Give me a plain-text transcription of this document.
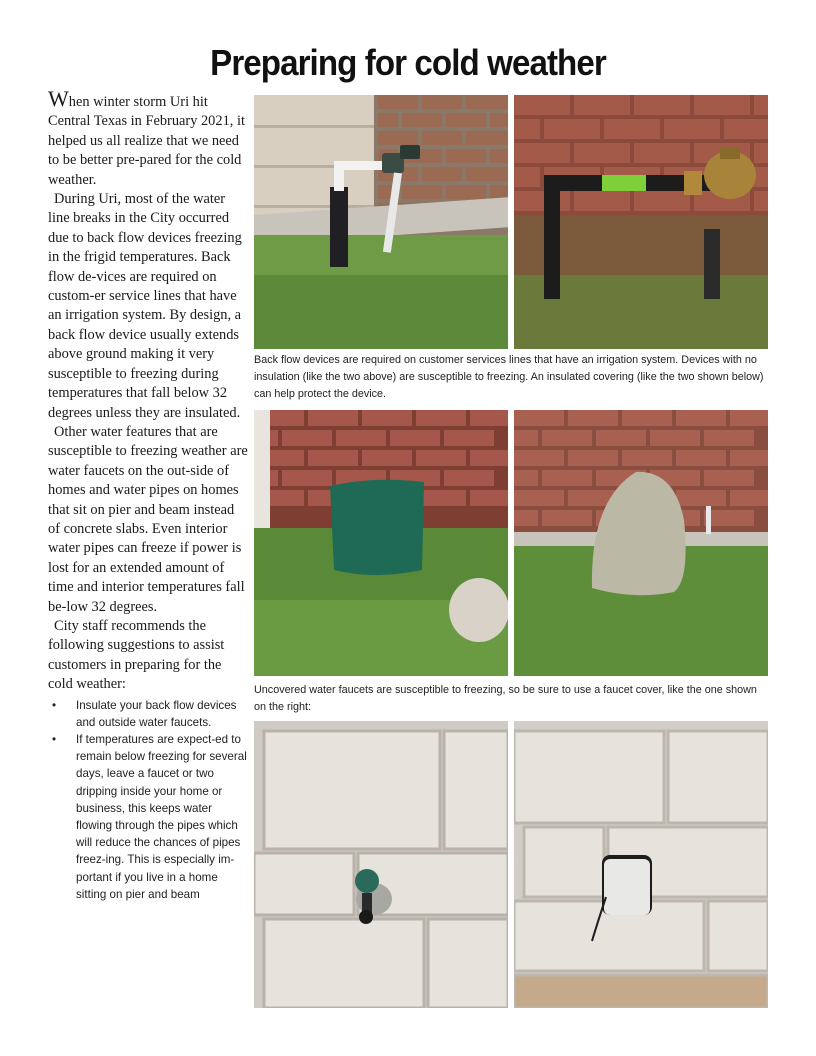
Preparing for cold weather

When winter storm Uri hit Central Texas in February 2021, it helped us all realize that we need to be better pre-pared for the cold weather.

During Uri, most of the water line breaks in the City occurred due to back flow devices freezing in the frigid temperatures. Back flow de-vices are required on custom-er service lines that have an irrigation system. By design, a back flow device usually extends above ground making it very susceptible to freezing during temperatures that fall below 32 degrees unless they are insulated.

Other water features that are susceptible to freezing weather are water faucets on the out-side of homes and water pipes on homes that sit on pier and beam instead of concrete slabs. Even interior water pipes can freeze if power is lost for an extended amount of time and interior temperatures fall be-low 32 degrees.

City staff recommends the following suggestions to assist customers in preparing for the cold weather:

• Insulate your back flow devices and outside water faucets.
• If temperatures are expect-ed to remain below freezing for several days, leave a faucet or two dripping inside your home or business, this keeps water flowing through the pipes which will reduce the chances of pipes freez-ing. This is especially im-portant if you live in a home sitting on pier and beam
Back flow devices are required on customer services lines that have an irrigation system. Devices with no insulation (like the two above) are susceptible to freezing. An insulated covering (like the two shown below) can help protect the device.
Uncovered water faucets are susceptible to freezing, so be sure to use a faucet cover, like the one shown on the right:
